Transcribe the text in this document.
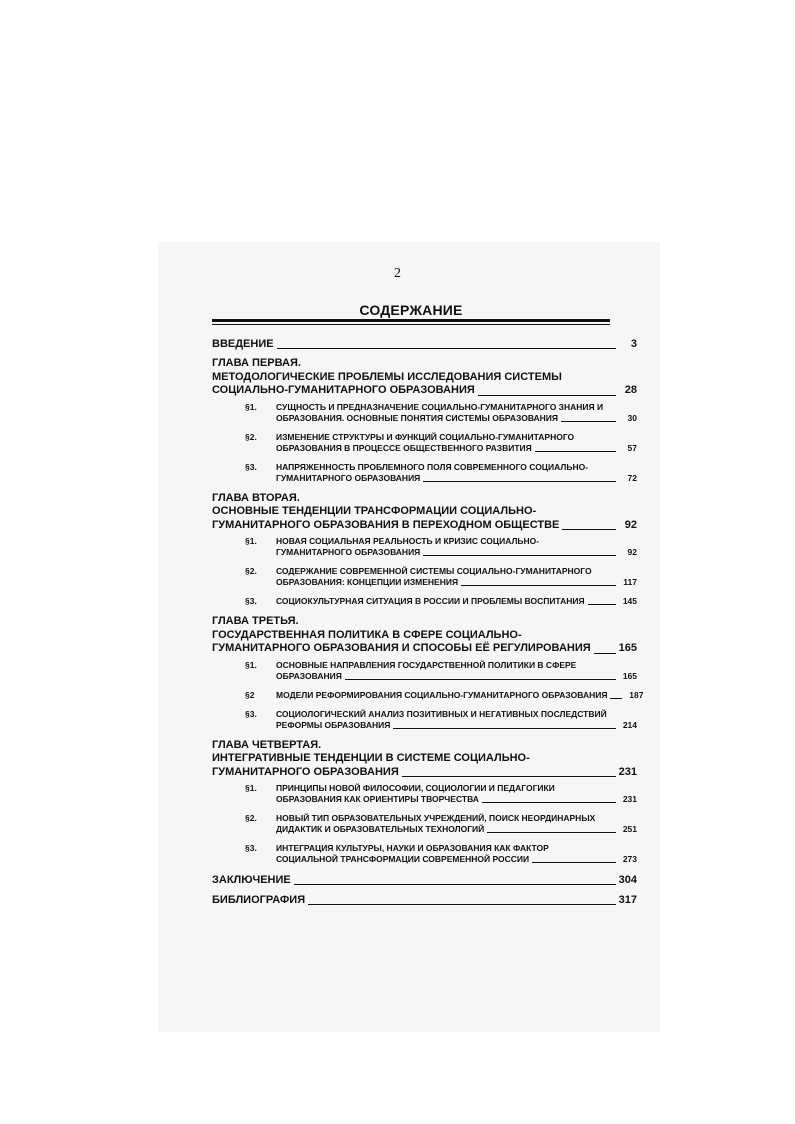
2
СОДЕРЖАНИЕ
ВВЕДЕНИЕ	3
ГЛАВА ПЕРВАЯ.
МЕТОДОЛОГИЧЕСКИЕ ПРОБЛЕМЫ ИССЛЕДОВАНИЯ СИСТЕМЫ
СОЦИАЛЬНО-ГУМАНИТАРНОГО ОБРАЗОВАНИЯ	28
§1.	СУЩНОСТЬ И ПРЕДНАЗНАЧЕНИЕ СОЦИАЛЬНО-ГУМАНИТАРНОГО ЗНАНИЯ И
ОБРАЗОВАНИЯ. ОСНОВНЫЕ ПОНЯТИЯ СИСТЕМЫ ОБРАЗОВАНИЯ	30
§2.	ИЗМЕНЕНИЕ СТРУКТУРЫ И ФУНКЦИЙ СОЦИАЛЬНО-ГУМАНИТАРНОГО
ОБРАЗОВАНИЯ В ПРОЦЕССЕ ОБЩЕСТВЕННОГО РАЗВИТИЯ	57
§3.	НАПРЯЖЕННОСТЬ ПРОБЛЕМНОГО ПОЛЯ СОВРЕМЕННОГО СОЦИАЛЬНО-
ГУМАНИТАРНОГО ОБРАЗОВАНИЯ	72
ГЛАВА ВТОРАЯ.
ОСНОВНЫЕ ТЕНДЕНЦИИ ТРАНСФОРМАЦИИ СОЦИАЛЬНО-
ГУМАНИТАРНОГО ОБРАЗОВАНИЯ В ПЕРЕХОДНОМ ОБЩЕСТВЕ	92
§1.	НОВАЯ СОЦИАЛЬНАЯ РЕАЛЬНОСТЬ И КРИЗИС СОЦИАЛЬНО-
ГУМАНИТАРНОГО ОБРАЗОВАНИЯ	92
§2.	СОДЕРЖАНИЕ СОВРЕМЕННОЙ СИСТЕМЫ СОЦИАЛЬНО-ГУМАНИТАРНОГО
ОБРАЗОВАНИЯ: КОНЦЕПЦИИ ИЗМЕНЕНИЯ	117
§3.	СОЦИОКУЛЬТУРНАЯ СИТУАЦИЯ В РОССИИ И ПРОБЛЕМЫ ВОСПИТАНИЯ	145
ГЛАВА ТРЕТЬЯ.
ГОСУДАРСТВЕННАЯ ПОЛИТИКА В СФЕРЕ СОЦИАЛЬНО-
ГУМАНИТАРНОГО ОБРАЗОВАНИЯ И СПОСОБЫ ЕЁ РЕГУЛИРОВАНИЯ	165
§1.	ОСНОВНЫЕ НАПРАВЛЕНИЯ ГОСУДАРСТВЕННОЙ ПОЛИТИКИ В СФЕРЕ
ОБРАЗОВАНИЯ	165
§2	МОДЕЛИ РЕФОРМИРОВАНИЯ СОЦИАЛЬНО-ГУМАНИТАРНОГО ОБРАЗОВАНИЯ	187
§3.	СОЦИОЛОГИЧЕСКИЙ АНАЛИЗ ПОЗИТИВНЫХ И НЕГАТИВНЫХ ПОСЛЕДСТВИЙ
РЕФОРМЫ ОБРАЗОВАНИЯ	214
ГЛАВА ЧЕТВЕРТАЯ.
ИНТЕГРАТИВНЫЕ ТЕНДЕНЦИИ В СИСТЕМЕ СОЦИАЛЬНО-
ГУМАНИТАРНОГО ОБРАЗОВАНИЯ	231
§1.	ПРИНЦИПЫ НОВОЙ ФИЛОСОФИИ, СОЦИОЛОГИИ И ПЕДАГОГИКИ
ОБРАЗОВАНИЯ КАК ОРИЕНТИРЫ ТВОРЧЕСТВА	231
§2.	НОВЫЙ ТИП ОБРАЗОВАТЕЛЬНЫХ УЧРЕЖДЕНИЙ, ПОИСК НЕОРДИНАРНЫХ
ДИДАКТИК И ОБРАЗОВАТЕЛЬНЫХ ТЕХНОЛОГИЙ	251
§3.	ИНТЕГРАЦИЯ КУЛЬТУРЫ, НАУКИ И ОБРАЗОВАНИЯ КАК ФАКТОР
СОЦИАЛЬНОЙ ТРАНСФОРМАЦИИ СОВРЕМЕННОЙ РОССИИ	273
ЗАКЛЮЧЕНИЕ	304
БИБЛИОГРАФИЯ	317
